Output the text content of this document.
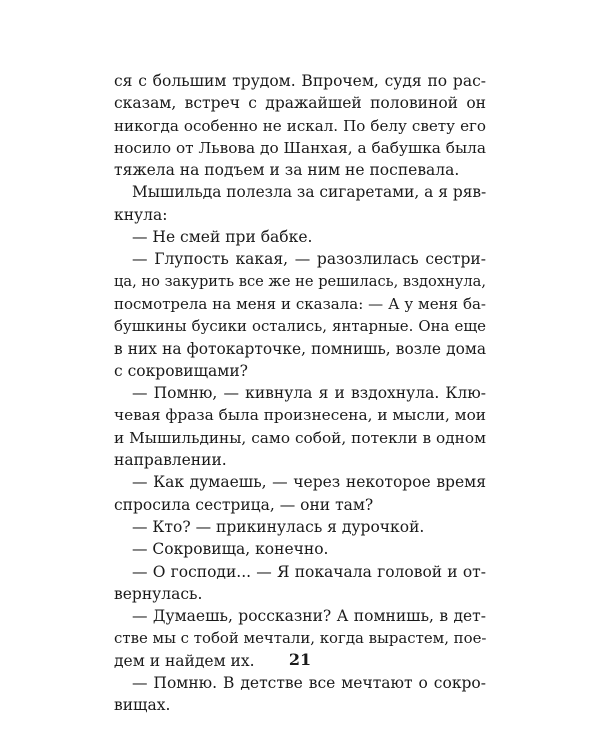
ся с большим трудом. Впрочем, судя по рас-
сказам, встреч с дражайшей половиной он
никогда особенно не искал. По белу свету его
носило от Львова до Шанхая, а бабушка была
тяжела на подъем и за ним не поспевала.
Мышильда полезла за сигаретами, а я ряв-
кнула:
— Не смей при бабке.
— Глупость какая, — разозлилась сестри-
ца, но закурить все же не решилась, вздохнула,
посмотрела на меня и сказала: — А у меня ба-
бушкины бусики остались, янтарные. Она еще
в них на фотокарточке, помнишь, возле дома
с сокровищами?
— Помню, — кивнула я и вздохнула. Клю-
чевая фраза была произнесена, и мысли, мои
и Мышильдины, само собой, потекли в одном
направлении.
— Как думаешь, — через некоторое время
спросила сестрица, — они там?
— Кто? — прикинулась я дурочкой.
— Сокровища, конечно.
— О господи... — Я покачала головой и от-
вернулась.
— Думаешь, россказни? А помнишь, в дет-
стве мы с тобой мечтали, когда вырастем, пое-
дем и найдем их.
— Помню. В детстве все мечтают о сокро-
вищах.
21
